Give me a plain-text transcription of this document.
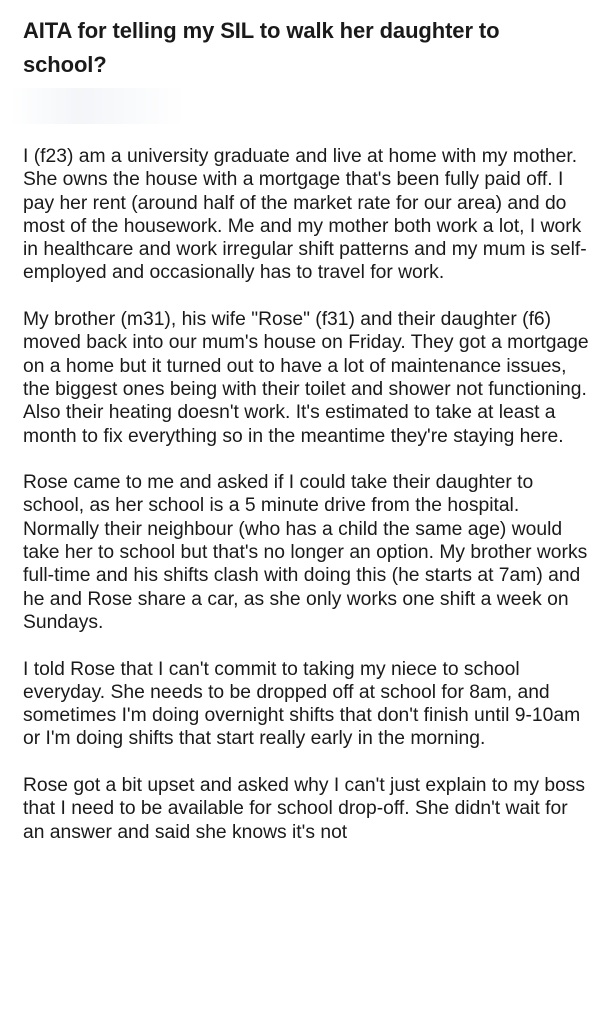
AITA for telling my SIL to walk her daughter to school?

I (f23) am a university graduate and live at home with my mother. She owns the house with a mortgage that's been fully paid off. I pay her rent (around half of the market rate for our area) and do most of the housework. Me and my mother both work a lot, I work in healthcare and work irregular shift patterns and my mum is self-employed and occasionally has to travel for work.

My brother (m31), his wife "Rose" (f31) and their daughter (f6) moved back into our mum's house on Friday. They got a mortgage on a home but it turned out to have a lot of maintenance issues, the biggest ones being with their toilet and shower not functioning. Also their heating doesn't work. It's estimated to take at least a month to fix everything so in the meantime they're staying here.

Rose came to me and asked if I could take their daughter to school, as her school is a 5 minute drive from the hospital. Normally their neighbour (who has a child the same age) would take her to school but that's no longer an option. My brother works full-time and his shifts clash with doing this (he starts at 7am) and he and Rose share a car, as she only works one shift a week on Sundays.

I told Rose that I can't commit to taking my niece to school everyday. She needs to be dropped off at school for 8am, and sometimes I'm doing overnight shifts that don't finish until 9-10am or I'm doing shifts that start really early in the morning.

Rose got a bit upset and asked why I can't just explain to my boss that I need to be available for school drop-off. She didn't wait for an answer and said she knows it's not
